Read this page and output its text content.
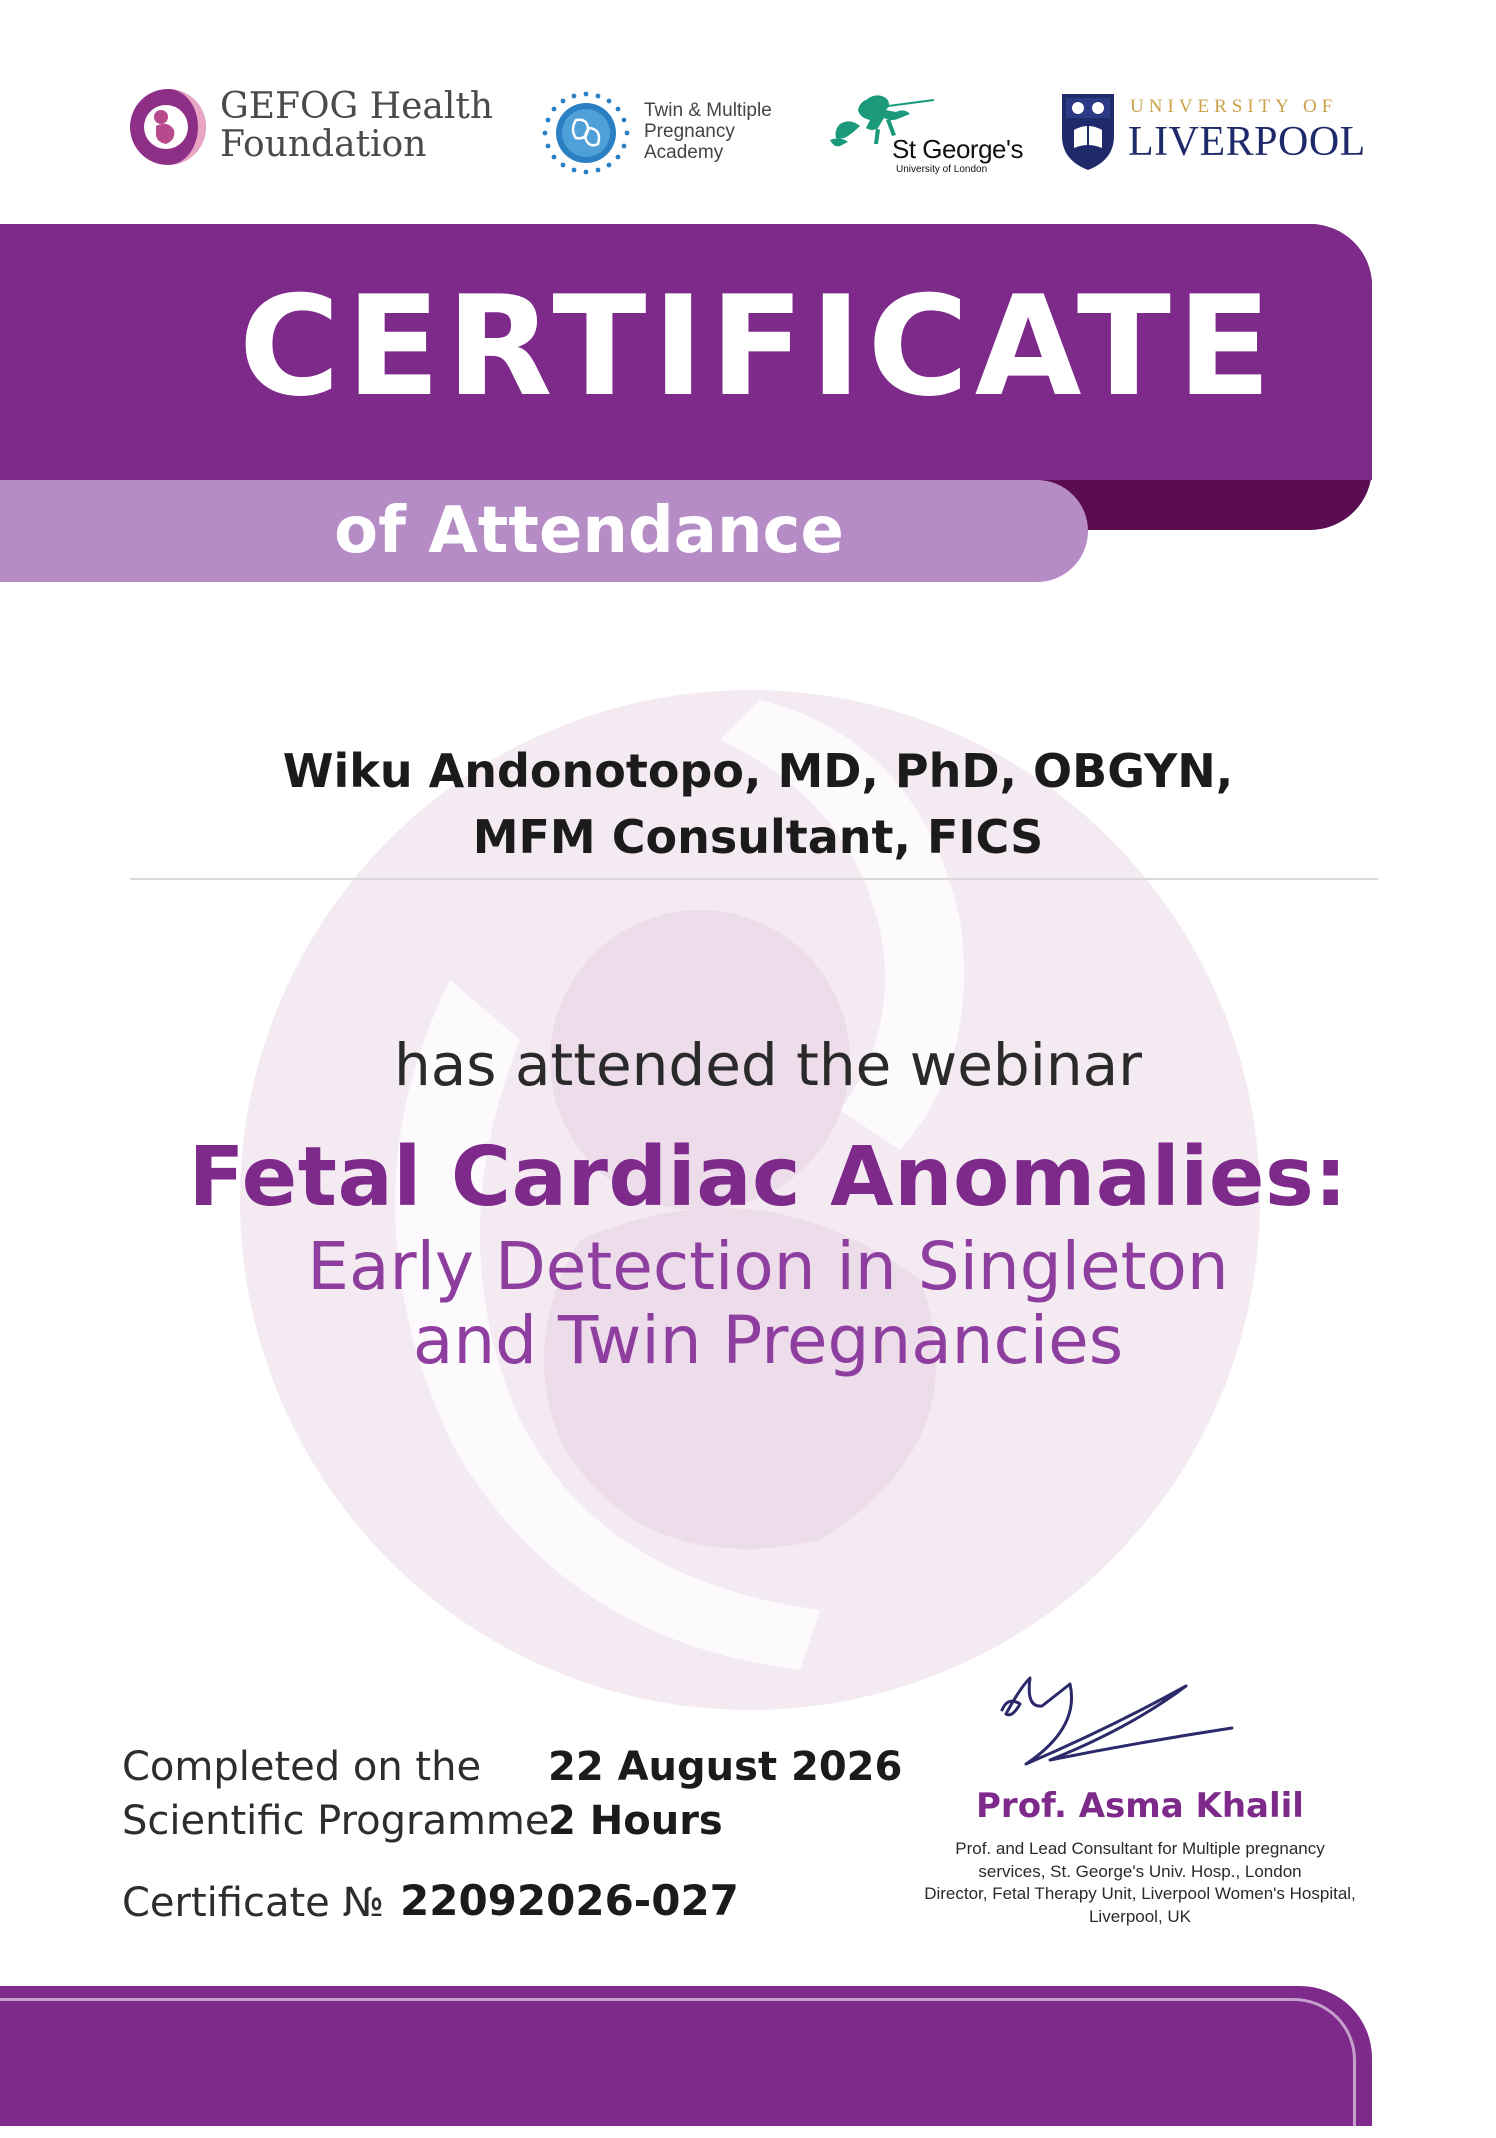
GEFOG Health
Foundation
Twin & Multiple
Pregnancy
Academy	St George's
University of London
UNIVERSITY OF
LIVERPOOL
CERTIFICATE
of Attendance
Wiku Andonotopo, MD, PhD, OBGYN,
MFM Consultant, FICS
has attended the webinar
Fetal Cardiac Anomalies:
Early Detection in Singleton
and Twin Pregnancies
Completed on the 22 August 2026
Scientific Programme
2 Hours
Certificate № 22092026-027
Prof. Asma Khalil
Prof. and Lead Consultant for Multiple pregnancy
services, St. George's Univ. Hosp., London
Director, Fetal Therapy Unit, Liverpool Women's Hospital,
Liverpool, UK
